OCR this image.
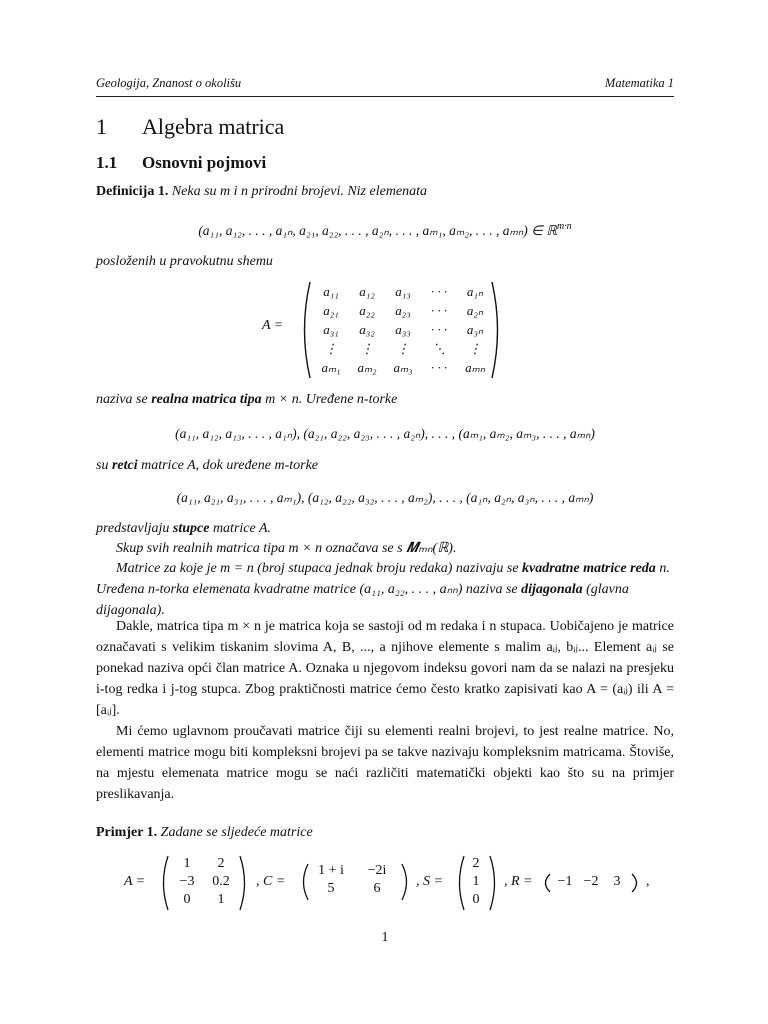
Geologija, Znanost o okolišu	Matematika 1
1 Algebra matrica
1.1 Osnovni pojmovi
Definicija 1. Neka su m i n prirodni brojevi. Niz elemenata
(a₁₁, a₁₂, . . . , a₁ₙ, a₂₁, a₂₂, . . . , a₂ₙ, . . . , aₘ₁, aₘ₂, . . . , aₘₙ) ∈ ℝ$^{m\cdot n}$
posloženih u pravokutnu shemu
A =
a₁₁	a₁₂	a₁₃	· · ·	a₁ₙ
a₂₁	a₂₂	a₂₃	· · ·	a₂ₙ
a₃₁	a₃₂	a₃₃	· · ·	a₃ₙ
⋮	⋮	⋮	⋱	⋮
aₘ₁	aₘ₂	aₘ₃	· · ·	aₘₙ
naziva se realna matrica tipa m × n. Uređene n-torke
(a₁₁, a₁₂, a₁₃, . . . , a₁ₙ), (a₂₁, a₂₂, a₂₃, . . . , a₂ₙ), . . . , (aₘ₁, aₘ₂, aₘ₃, . . . , aₘₙ)
su retci matrice A, dok uređene m-torke
(a₁₁, a₂₁, a₃₁, . . . , aₘ₁), (a₁₂, a₂₂, a₃₂, . . . , aₘ₂), . . . , (a₁ₙ, a₂ₙ, a₃ₙ, . . . , aₘₙ)
predstavljaju stupce matrice A.
Skup svih realnih matrica tipa m × n označava se s 𝑴ₘₙ(ℝ).
Matrice za koje je m = n (broj stupaca jednak broju redaka) nazivaju se kvadratne matrice reda n. Uređena n-torka elemenata kvadratne matrice (a₁₁, a₂₂, . . . , aₙₙ) naziva se dijagonala (glavna dijagonala).
Dakle, matrica tipa m × n je matrica koja se sastoji od m redaka i n stupaca. Uobičajeno je matrice označavati s velikim tiskanim slovima A, B, ..., a njihove elemente s malim aᵢⱼ, bᵢⱼ... Element aᵢⱼ se ponekad naziva opći član matrice A. Oznaka u njegovom indeksu govori nam da se nalazi na presjeku i-tog redka i j-tog stupca. Zbog praktičnosti matrice ćemo često kratko zapisivati kao A = (aᵢⱼ) ili A = [aᵢⱼ].
Mi ćemo uglavnom proučavati matrice čiji su elementi realni brojevi, to jest realne matrice. No, elementi matrice mogu biti kompleksni brojevi pa se takve nazivaju kompleksnim matricama. Štoviše, na mjestu elemenata matrice mogu se naći različiti matematički objekti kao što su na primjer preslikavanja.
Primjer 1. Zadane se sljedeće matrice
A =
1	2
−3	0.2
0	1
, C =
1 + i	−2i
5	6	, S =
2
1
0
, R =	−1 −2	3	,
1
